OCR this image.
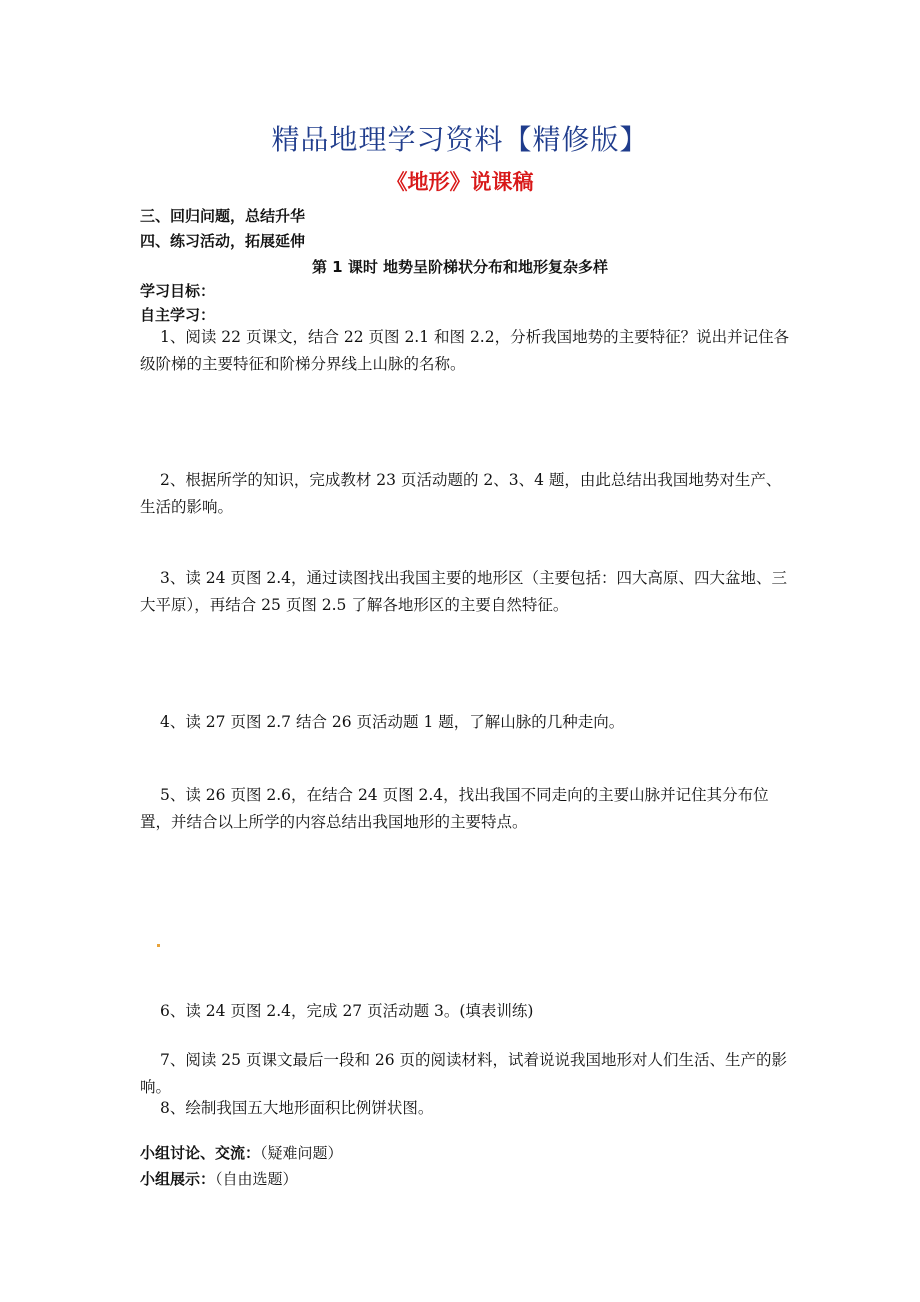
精品地理学习资料【精修版】
《地形》说课稿
三、回归问题，总结升华
四、练习活动，拓展延伸
第 1 课时 地势呈阶梯状分布和地形复杂多样
学习目标：
自主学习：
1、阅读 22 页课文，结合 22 页图 2.1 和图 2.2，分析我国地势的主要特征？说出并记住各级阶梯的主要特征和阶梯分界线上山脉的名称。
2、根据所学的知识，完成教材 23 页活动题的 2、3、4 题，由此总结出我国地势对生产、生活的影响。
3、读 24 页图 2.4，通过读图找出我国主要的地形区（主要包括：四大高原、四大盆地、三大平原），再结合 25 页图 2.5 了解各地形区的主要自然特征。
4、读 27 页图 2.7 结合 26 页活动题 1 题，了解山脉的几种走向。
5、读 26 页图 2.6，在结合 24 页图 2.4，找出我国不同走向的主要山脉并记住其分布位置，并结合以上所学的内容总结出我国地形的主要特点。
6、读 24 页图 2.4，完成 27 页活动题 3。(填表训练)
7、阅读 25 页课文最后一段和 26 页的阅读材料，试着说说我国地形对人们生活、生产的影响。
8、绘制我国五大地形面积比例饼状图。
小组讨论、交流：（疑难问题）
小组展示：（自由选题）
